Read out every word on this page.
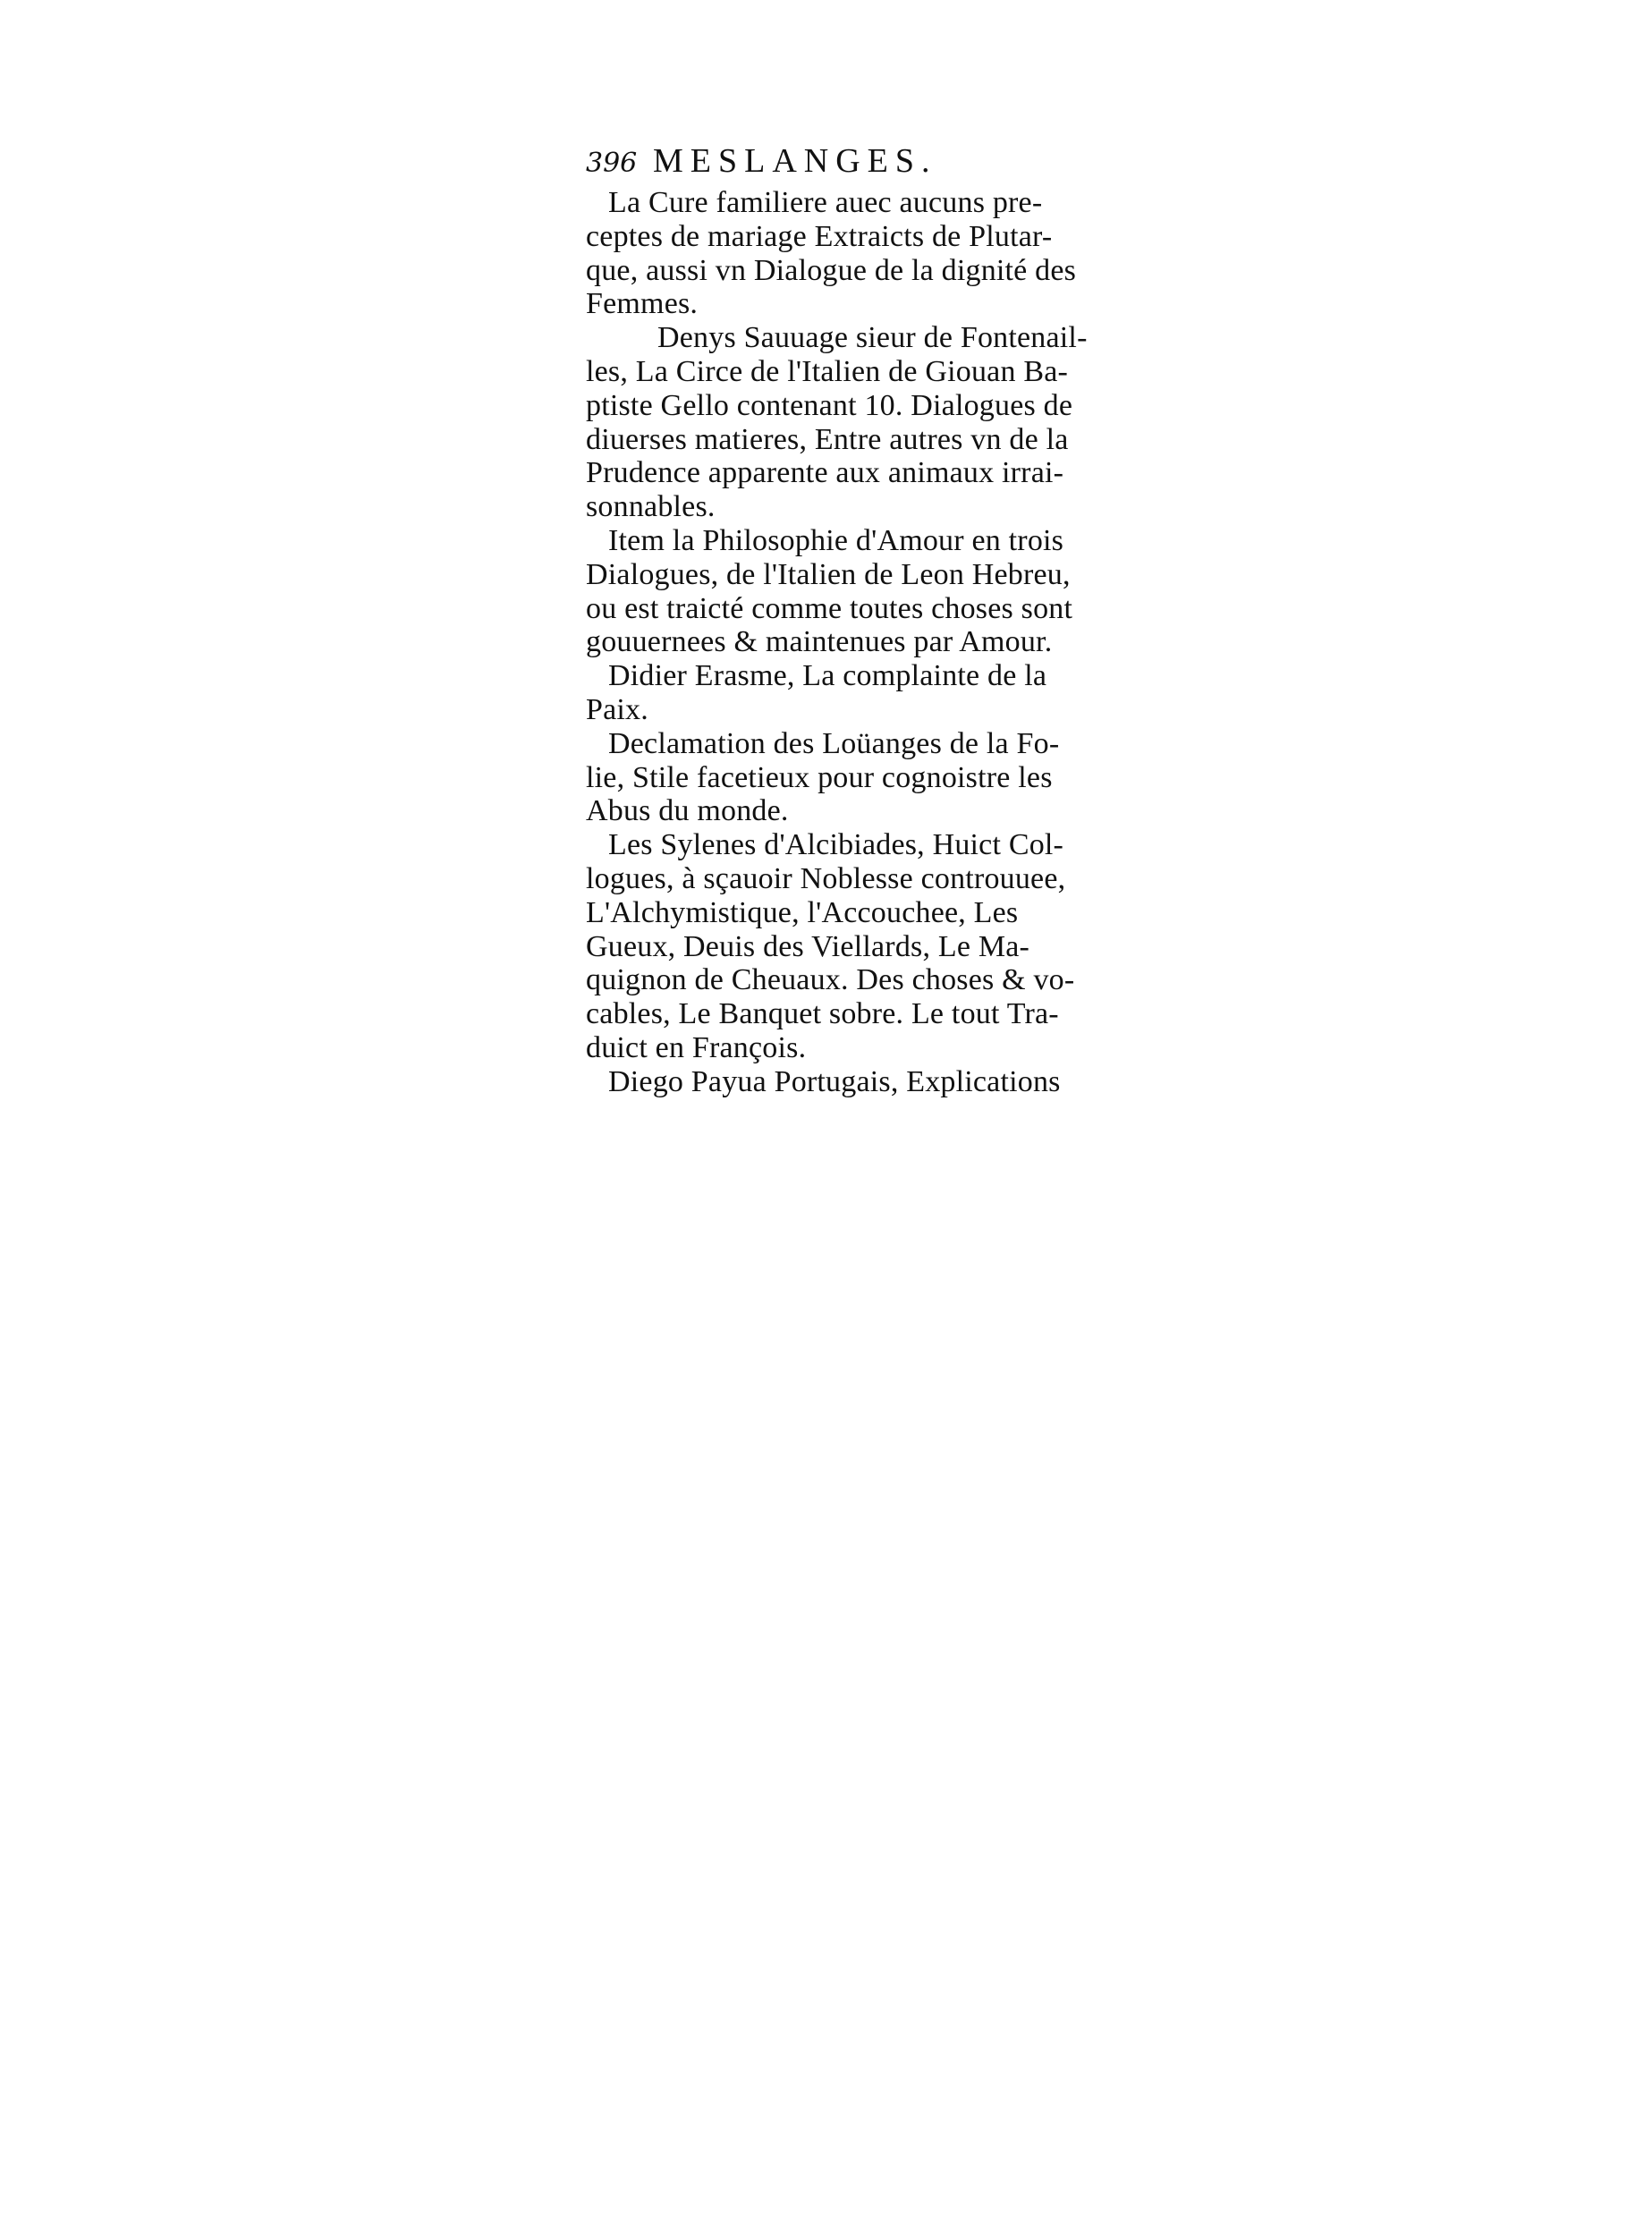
396 MESLANGES.
La Cure familiere auec aucuns pre-
ceptes de mariage Extraicts de Plutar-
que, aussi vn Dialogue de la dignité des
Femmes.
Denys Sauuage sieur de Fontenail-
les, La Circe de l'Italien de Giouan Ba-
ptiste Gello contenant 10. Dialogues de
diuerses matieres, Entre autres vn de la
Prudence apparente aux animaux irrai-
sonnables.
Item la Philosophie d'Amour en trois
Dialogues, de l'Italien de Leon Hebreu,
ou est traicté comme toutes choses sont
gouuernees & maintenues par Amour.
Didier Erasme, La complainte de la
Paix.
Declamation des Loüanges de la Fo-
lie, Stile facetieux pour cognoistre les
Abus du monde.
Les Sylenes d'Alcibiades, Huict Col-
logues, à sçauoir Noblesse controuuee,
L'Alchymistique, l'Accouchee, Les
Gueux, Deuis des Viellards, Le Ma-
quignon de Cheuaux. Des choses & vo-
cables, Le Banquet sobre. Le tout Tra-
duict en François.
Diego Payua Portugais, Explications
